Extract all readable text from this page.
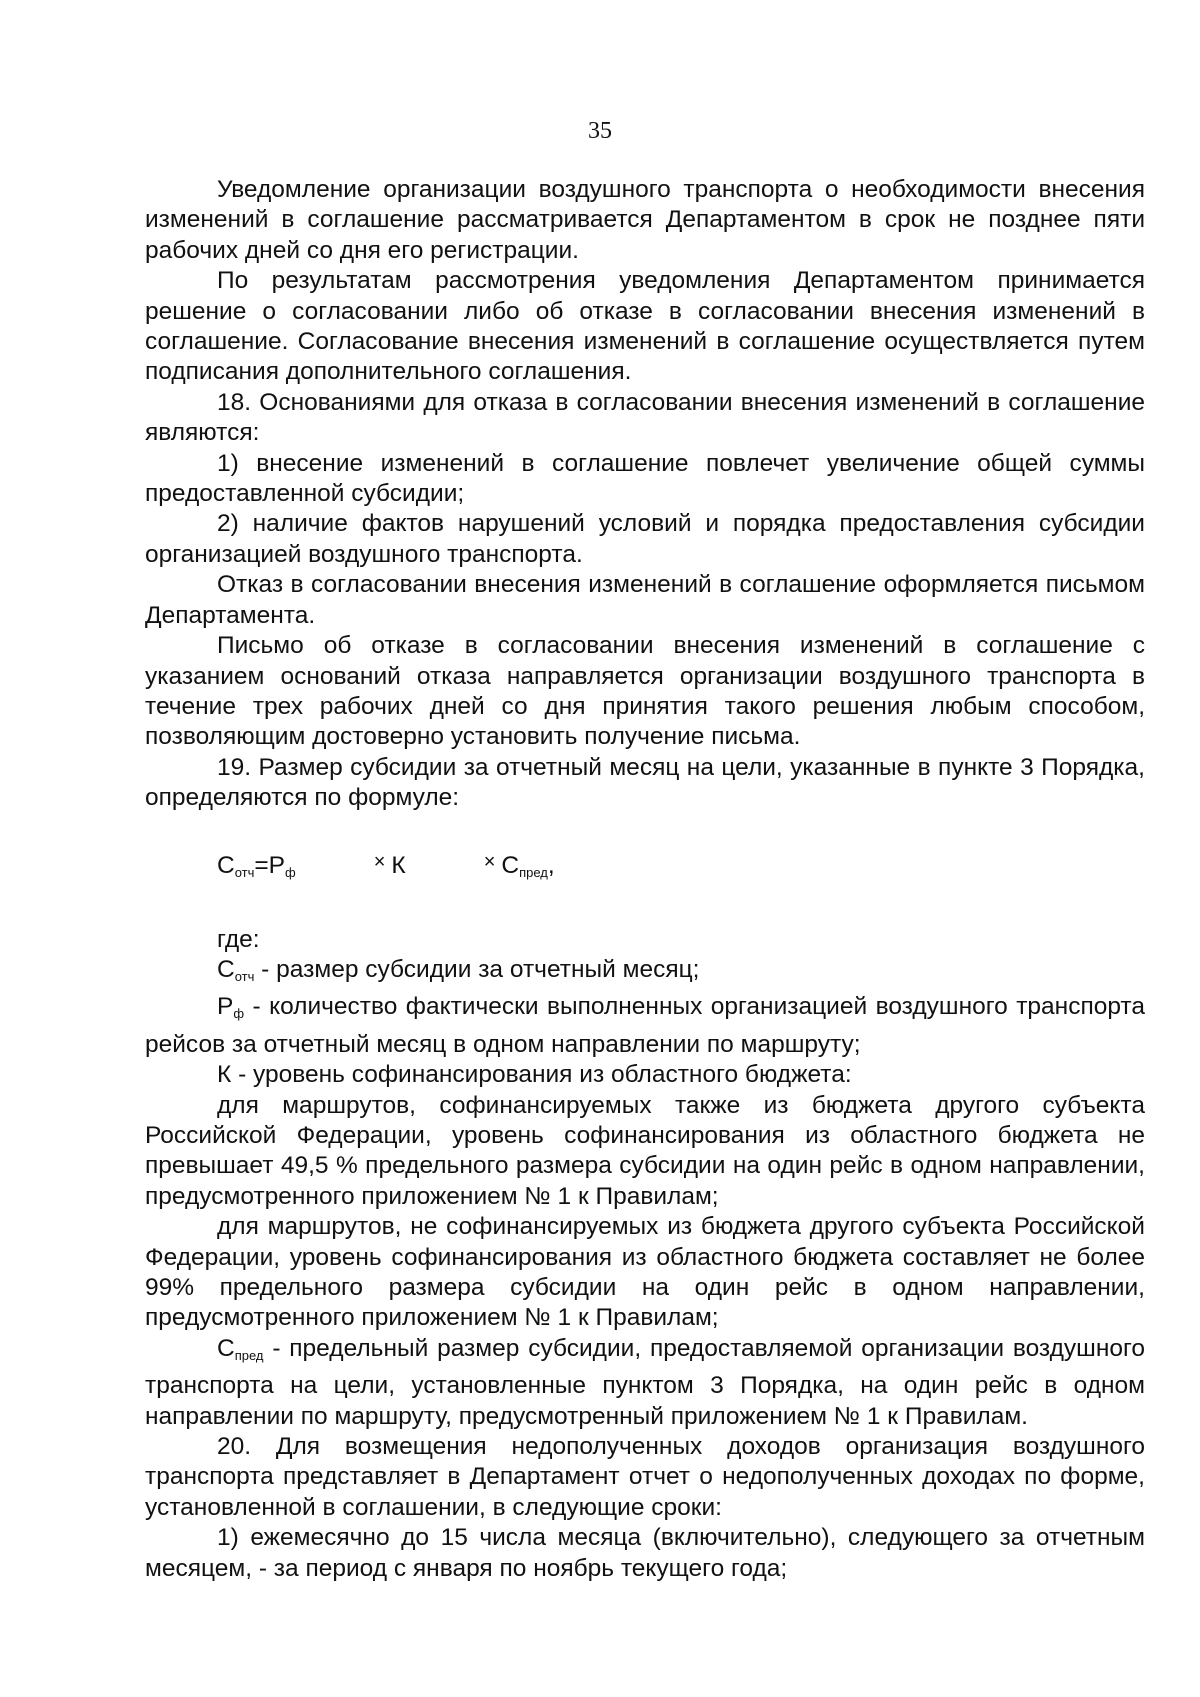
35

Уведомление организации воздушного транспорта о необходимости внесения изменений в соглашение рассматривается Департаментом в срок не позднее пяти рабочих дней со дня его регистрации.

По результатам рассмотрения уведомления Департаментом принимается решение о согласовании либо об отказе в согласовании внесения изменений в соглашение. Согласование внесения изменений в соглашение осуществляется путем подписания дополнительного соглашения.

18. Основаниями для отказа в согласовании внесения изменений в соглашение являются:

1) внесение изменений в соглашение повлечет увеличение общей суммы предоставленной субсидии;

2) наличие фактов нарушений условий и порядка предоставления субсидии организацией воздушного транспорта.

Отказ в согласовании внесения изменений в соглашение оформляется письмом Департамента.

Письмо об отказе в согласовании внесения изменений в соглашение с указанием оснований отказа направляется организации воздушного транспорта в течение трех рабочих дней со дня принятия такого решения любым способом, позволяющим достоверно установить получение письма.

19. Размер субсидии за отчетный месяц на цели, указанные в пункте 3 Порядка, определяются по формуле:

$С_{отч}=Р_ф$	× К	× $С_{пред}$,

где:

Сотч - размер субсидии за отчетный месяц;

Рф - количество фактически выполненных организацией воздушного транспорта рейсов за отчетный месяц в одном направлении по маршруту;

К - уровень софинансирования из областного бюджета:

для маршрутов, софинансируемых также из бюджета другого субъекта Российской Федерации, уровень софинансирования из областного бюджета не превышает 49,5 % предельного размера субсидии на один рейс в одном направлении, предусмотренного приложением № 1 к Правилам;

для маршрутов, не софинансируемых из бюджета другого субъекта Российской Федерации, уровень софинансирования из областного бюджета составляет не более 99% предельного размера субсидии на один рейс в одном направлении, предусмотренного приложением № 1 к Правилам;

Спред - предельный размер субсидии, предоставляемой организации воздушного транспорта на цели, установленные пунктом 3 Порядка, на один рейс в одном направлении по маршруту, предусмотренный приложением № 1 к Правилам.

20. Для возмещения недополученных доходов организация воздушного транспорта представляет в Департамент отчет о недополученных доходах по форме, установленной в соглашении, в следующие сроки:

1) ежемесячно до 15 числа месяца (включительно), следующего за отчетным месяцем, - за период с января по ноябрь текущего года;
